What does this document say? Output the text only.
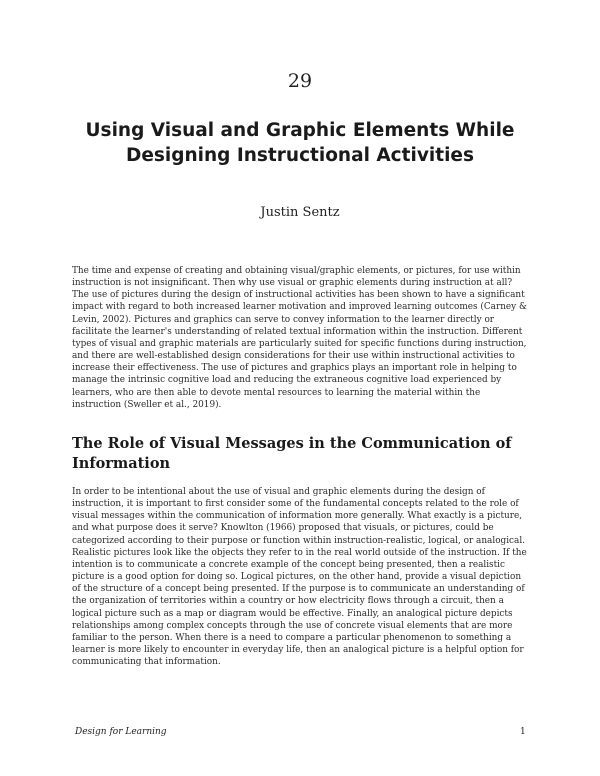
29
Using Visual and Graphic Elements While
Designing Instructional Activities
Justin Sentz

The time and expense of creating and obtaining visual/graphic elements, or pictures, for use within instruction is not insignificant. Then why use visual or graphic elements during instruction at all? The use of pictures during the design of instructional activities has been shown to have a significant impact with regard to both increased learner motivation and improved learning outcomes (Carney & Levin, 2002). Pictures and graphics can serve to convey information to the learner directly or facilitate the learner's understanding of related textual information within the instruction. Different types of visual and graphic materials are particularly suited for specific functions during instruction, and there are well-established design considerations for their use within instructional activities to increase their effectiveness. The use of pictures and graphics plays an important role in helping to manage the intrinsic cognitive load and reducing the extraneous cognitive load experienced by learners, who are then able to devote mental resources to learning the material within the instruction (Sweller et al., 2019).

The Role of Visual Messages in the Communication of Information

In order to be intentional about the use of visual and graphic elements during the design of instruction, it is important to first consider some of the fundamental concepts related to the role of visual messages within the communication of information more generally. What exactly is a picture, and what purpose does it serve? Knowlton (1966) proposed that visuals, or pictures, could be categorized according to their purpose or function within instruction-realistic, logical, or analogical. Realistic pictures look like the objects they refer to in the real world outside of the instruction. If the intention is to communicate a concrete example of the concept being presented, then a realistic picture is a good option for doing so. Logical pictures, on the other hand, provide a visual depiction of the structure of a concept being presented. If the purpose is to communicate an understanding of the organization of territories within a country or how electricity flows through a circuit, then a logical picture such as a map or diagram would be effective. Finally, an analogical picture depicts relationships among complex concepts through the use of concrete visual elements that are more familiar to the person. When there is a need to compare a particular phenomenon to something a learner is more likely to encounter in everyday life, then an analogical picture is a helpful option for communicating that information.

Design for Learning	1
